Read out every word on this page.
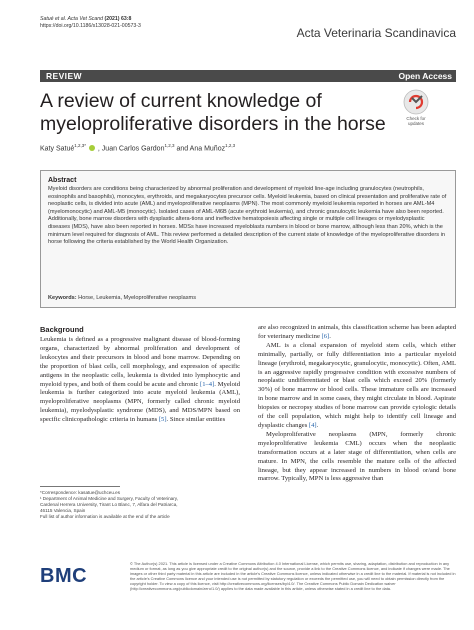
Satué et al. Acta Vet Scand (2021) 63:8
https://doi.org/10.1186/s13028-021-00573-3	Acta Veterinaria Scandinavica
REVIEW	Open Access
A review of current knowledge of myeloproliferative disorders in the horse	Check for updates
Katy Satué$^{1,2,3*}$ , Juan Carlos Gardon$^{1,2,3}$ and Ana Muñoz$^{1,2,3}$
Abstract
Myeloid disorders are conditions being characterized by abnormal proliferation and development of myeloid line-age including granulocytes (neutrophils, eosinophils and basophils), monocytes, erythroids, and megakaryocytes precursor cells. Myeloid leukemia, based on clinical presentation and proliferative rate of neoplastic cells, is divided into acute (AML) and myeloproliferative neoplasms (MPN). The most commonly myeloid leukemia reported in horses are AML-M4 (myelomonocytic) and AML-M5 (monocytic). Isolated cases of AML-M6B (acute erythroid leukemia), and chronic granulocytic leukemia have also been reported. Additionally, bone marrow disorders with dysplastic altera-tions and ineffective hematopoiesis affecting single or multiple cell lineages or myelodysplastic diseases (MDS), have also been reported in horses. MDSs have increased myeloblasts numbers in blood or bone marrow, although less than 20%, which is the minimum level required for diagnosis of AML. This review performed a detailed description of the current state of knowledge of the myeloproliferative disorders in horse following the criteria established by the World Health Organization.
Keywords: Horse, Leukemia, Myeloproliferative neoplasms
Background

Leukemia is defined as a progressive malignant disease of blood-forming organs, characterized by abnormal proliferation and development of leukocytes and their precursors in blood and bone marrow. Depending on the proportion of blast cells, cell morphology, and expression of specific antigens in the neoplastic cells, leukemia is divided into lymphocytic and myeloid types, and both of them could be acute and chronic [1–4]. Myeloid leukemia is further categorized into acute myeloid leukemia (AML), myeloproliferative neoplasms (MPN, formerly called chronic myeloid leukemia), myelodysplastic syndrome (MDS), and MDS/MPN based on specific clinicopathologic criteria in humans [5]. Since similar entities

are also recognized in animals, this classification scheme has been adapted for veterinary medicine [6].

AML is a clonal expansion of myeloid stem cells, which either minimally, partially, or fully differentiation into a particular myeloid lineage (erythroid, megakaryocytic, granulocytic, monocytic). Often, AML is an aggressive rapidly progressive condition with excessive numbers of neoplastic undifferentiated or blast cells which exceed 20% (formerly 30%) of bone marrow or blood cells. These immature cells are increased in bone marrow and in some cases, they might circulate in blood. Aspirate biopsies or necropsy studies of bone marrow can provide cytologic details of the cell population, which might help to identify cell lineage and dysplastic changes [4].

Myeloproliferative neoplasms (MPN, formerly chronic myeloproliferative leukemia CML) occurs when the neoplastic transformation occurs at a later stage of differentiation, when cells are mature. In MPN, the cells resemble the mature cells of the affected lineage, but they appear increased in numbers in blood or/and bone marrow. Typically, MPN is less aggressive than

*Correspondence: kasatue@uchceu.es
¹ Department of Animal Medicine and Surgery, Faculty of Veterinary,
Cardenal Herrera University, Tirant Lo Blanc, 7, Alfara del Patriarca,
46115 Valencia, Spain
Full list of author information is available at the end of the article
BMC
© The Author(s) 2021. This article is licensed under a Creative Commons Attribution 4.0 International License, which permits use, sharing, adaptation, distribution and reproduction in any medium or format, as long as you give appropriate credit to the original author(s) and the source, provide a link to the Creative Commons licence, and indicate if changes were made. The images or other third party material in this article are included in the article's Creative Commons licence, unless indicated otherwise in a credit line to the material. If material is not included in the article's Creative Commons licence and your intended use is not permitted by statutory regulation or exceeds the permitted use, you will need to obtain permission directly from the copyright holder. To view a copy of this licence, visit http://creativecommons.org/licenses/by/4.0/. The Creative Commons Public Domain Dedication waiver (http://creativecommons.org/publicdomain/zero/1.0/) applies to the data made available in this article, unless otherwise stated in a credit line to the data.
